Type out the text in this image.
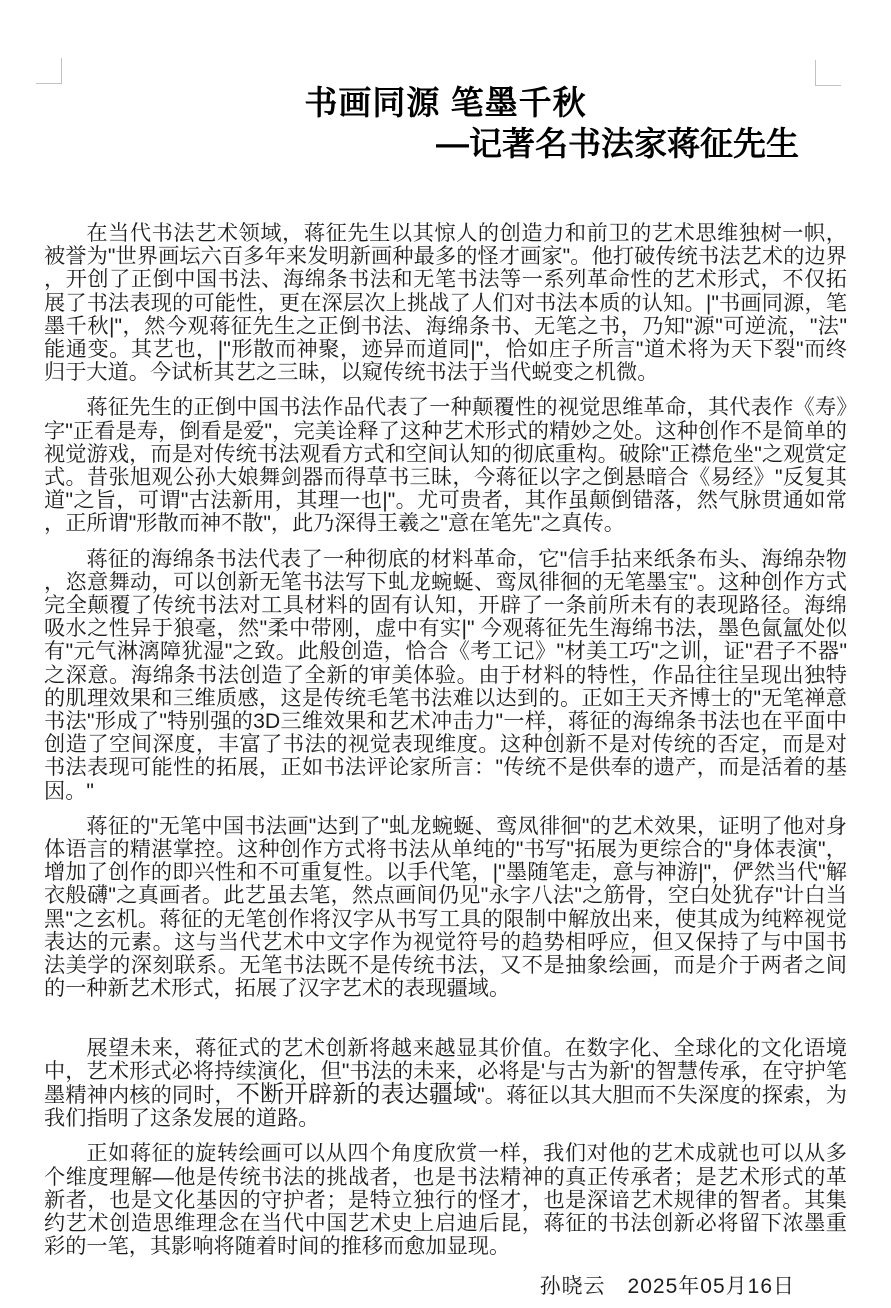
书画同源 笔墨千秋
—记著名书法家蒋征先生

在当代书法艺术领域，蒋征先生以其惊人的创造力和前卫的艺术思维独树一帜，被誉为"世界画坛六百多年来发明新画种最多的怪才画家"。他打破传统书法艺术的边界，开创了正倒中国书法、海绵条书法和无笔书法等一系列革命性的艺术形式，不仅拓展了书法表现的可能性，更在深层次上挑战了人们对书法本质的认知。|"书画同源，笔墨千秋|"，然今观蒋征先生之正倒书法、海绵条书、无笔之书，乃知"源"可逆流，"法"能通变。其艺也，|"形散而神聚，迹异而道同|"，恰如庄子所言"道术将为天下裂"而终归于大道。今试析其艺之三昧，以窥传统书法于当代蜕变之机微。

蒋征先生的正倒中国书法作品代表了一种颠覆性的视觉思维革命，其代表作《寿》字"正看是寿，倒看是爱"，完美诠释了这种艺术形式的精妙之处。这种创作不是简单的视觉游戏，而是对传统书法观看方式和空间认知的彻底重构。破除"正襟危坐"之观赏定式。昔张旭观公孙大娘舞剑器而得草书三昧，今蒋征以字之倒悬暗合《易经》"反复其道"之旨，可谓"古法新用，其理一也|"。尤可贵者，其作虽颠倒错落，然气脉贯通如常，正所谓"形散而神不散"，此乃深得王羲之"意在笔先"之真传。

蒋征的海绵条书法代表了一种彻底的材料革命，它"信手拈来纸条布头、海绵杂物，恣意舞动，可以创新无笔书法写下虬龙蜿蜒、鸾凤徘徊的无笔墨宝"。这种创作方式完全颠覆了传统书法对工具材料的固有认知，开辟了一条前所未有的表现路径。海绵吸水之性异于狼毫，然"柔中带刚，虚中有实|" 今观蒋征先生海绵书法，墨色氤氲处似有"元气淋漓障犹湿"之致。此般创造，恰合《考工记》"材美工巧"之训，证"君子不器"之深意。海绵条书法创造了全新的审美体验。由于材料的特性，作品往往呈现出独特的肌理效果和三维质感，这是传统毛笔书法难以达到的。正如王天齐博士的"无笔禅意书法"形成了"特别强的3D三维效果和艺术冲击力"一样，蒋征的海绵条书法也在平面中创造了空间深度，丰富了书法的视觉表现维度。这种创新不是对传统的否定，而是对书法表现可能性的拓展，正如书法评论家所言："传统不是供奉的遗产，而是活着的基因。"

蒋征的"无笔中国书法画"达到了"虬龙蜿蜒、鸾凤徘徊"的艺术效果，证明了他对身体语言的精湛掌控。这种创作方式将书法从单纯的"书写"拓展为更综合的"身体表演"，增加了创作的即兴性和不可重复性。以手代笔，|"墨随笔走，意与神游|"，俨然当代"解衣般礴"之真画者。此艺虽去笔，然点画间仍见"永字八法"之筋骨，空白处犹存"计白当黑"之玄机。蒋征的无笔创作将汉字从书写工具的限制中解放出来，使其成为纯粹视觉表达的元素。这与当代艺术中文字作为视觉符号的趋势相呼应，但又保持了与中国书法美学的深刻联系。无笔书法既不是传统书法，又不是抽象绘画，而是介于两者之间的一种新艺术形式，拓展了汉字艺术的表现疆域。

展望未来，蒋征式的艺术创新将越来越显其价值。在数字化、全球化的文化语境中，艺术形式必将持续演化，但"书法的未来，必将是'与古为新'的智慧传承，在守护笔墨精神内核的同时，不断开辟新的表达疆域"。蒋征以其大胆而不失深度的探索，为我们指明了这条发展的道路。

正如蒋征的旋转绘画可以从四个角度欣赏一样，我们对他的艺术成就也可以从多个维度理解—他是传统书法的挑战者，也是书法精神的真正传承者；是艺术形式的革新者，也是文化基因的守护者；是特立独行的怪才，也是深谙艺术规律的智者。其集约艺术创造思维理念在当代中国艺术史上启迪后昆，蒋征的书法创新必将留下浓墨重彩的一笔，其影响将随着时间的推移而愈加显现。

孙晓云　2025年05月16日
